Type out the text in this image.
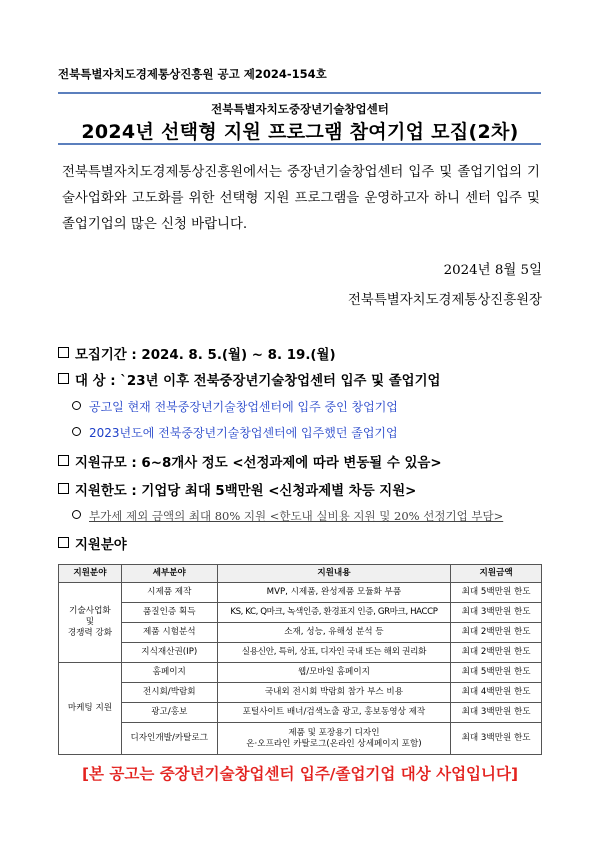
전북특별자치도경제통상진흥원 공고 제2024-154호
전북특별자치도중장년기술창업센터
2024년 선택형 지원 프로그램 참여기업 모집(2차)
전북특별자치도경제통상진흥원에서는 중장년기술창업센터 입주 및 졸업기업의 기술사업화와 고도화를 위한 선택형 지원 프로그램을 운영하고자 하니 센터 입주 및 졸업기업의 많은 신청 바랍니다.
2024년 8월 5일
전북특별자치도경제통상진흥원장
모집기간 : 2024. 8. 5.(월) ~ 8. 19.(월)
대 상 : `23년 이후 전북중장년기술창업센터 입주 및 졸업기업
공고일 현재 전북중장년기술창업센터에 입주 중인 창업기업
2023년도에 전북중장년기술창업센터에 입주했던 졸업기업
지원규모 : 6~8개사 정도 <선정과제에 따라 변동될 수 있음>
지원한도 : 기업당 최대 5백만원 <신청과제별 차등 지원>
부가세 제외 금액의 최대 80% 지원 <한도내 실비용 지원 및 20% 선정기업 부담>
지원분야
지원분야	세부분야	지원내용	지원금액
기술사업화
및
경쟁력 강화	시제품 제작	MVP, 시제품, 완성제품 모듈화 부품	최대 5백만원 한도
	품질인증 획득	KS, KC, Q마크, 녹색인증, 환경표지 인증, GR마크, HACCP	최대 3백만원 한도
	제품 시험분석	소재, 성능, 유해성 분석 등	최대 2백만원 한도
	지식재산권(IP)	실용신안, 특허, 상표, 디자인 국내 또는 해외 권리화	최대 2백만원 한도
마케팅 지원	홈페이지	웹/모바일 홈페이지	최대 5백만원 한도
	전시회/박람회	국내외 전시회 박람회 참가 부스 비용	최대 4백만원 한도
	광고/홍보	포털사이트 배너/검색노출 광고, 홍보동영상 제작	최대 3백만원 한도
	디자인개발/카탈로그	제품 및 포장용기 디자인
온·오프라인 카탈로그(온라인 상세페이지 포함)	최대 3백만원 한도
[본 공고는 중장년기술창업센터 입주/졸업기업 대상 사업입니다]
